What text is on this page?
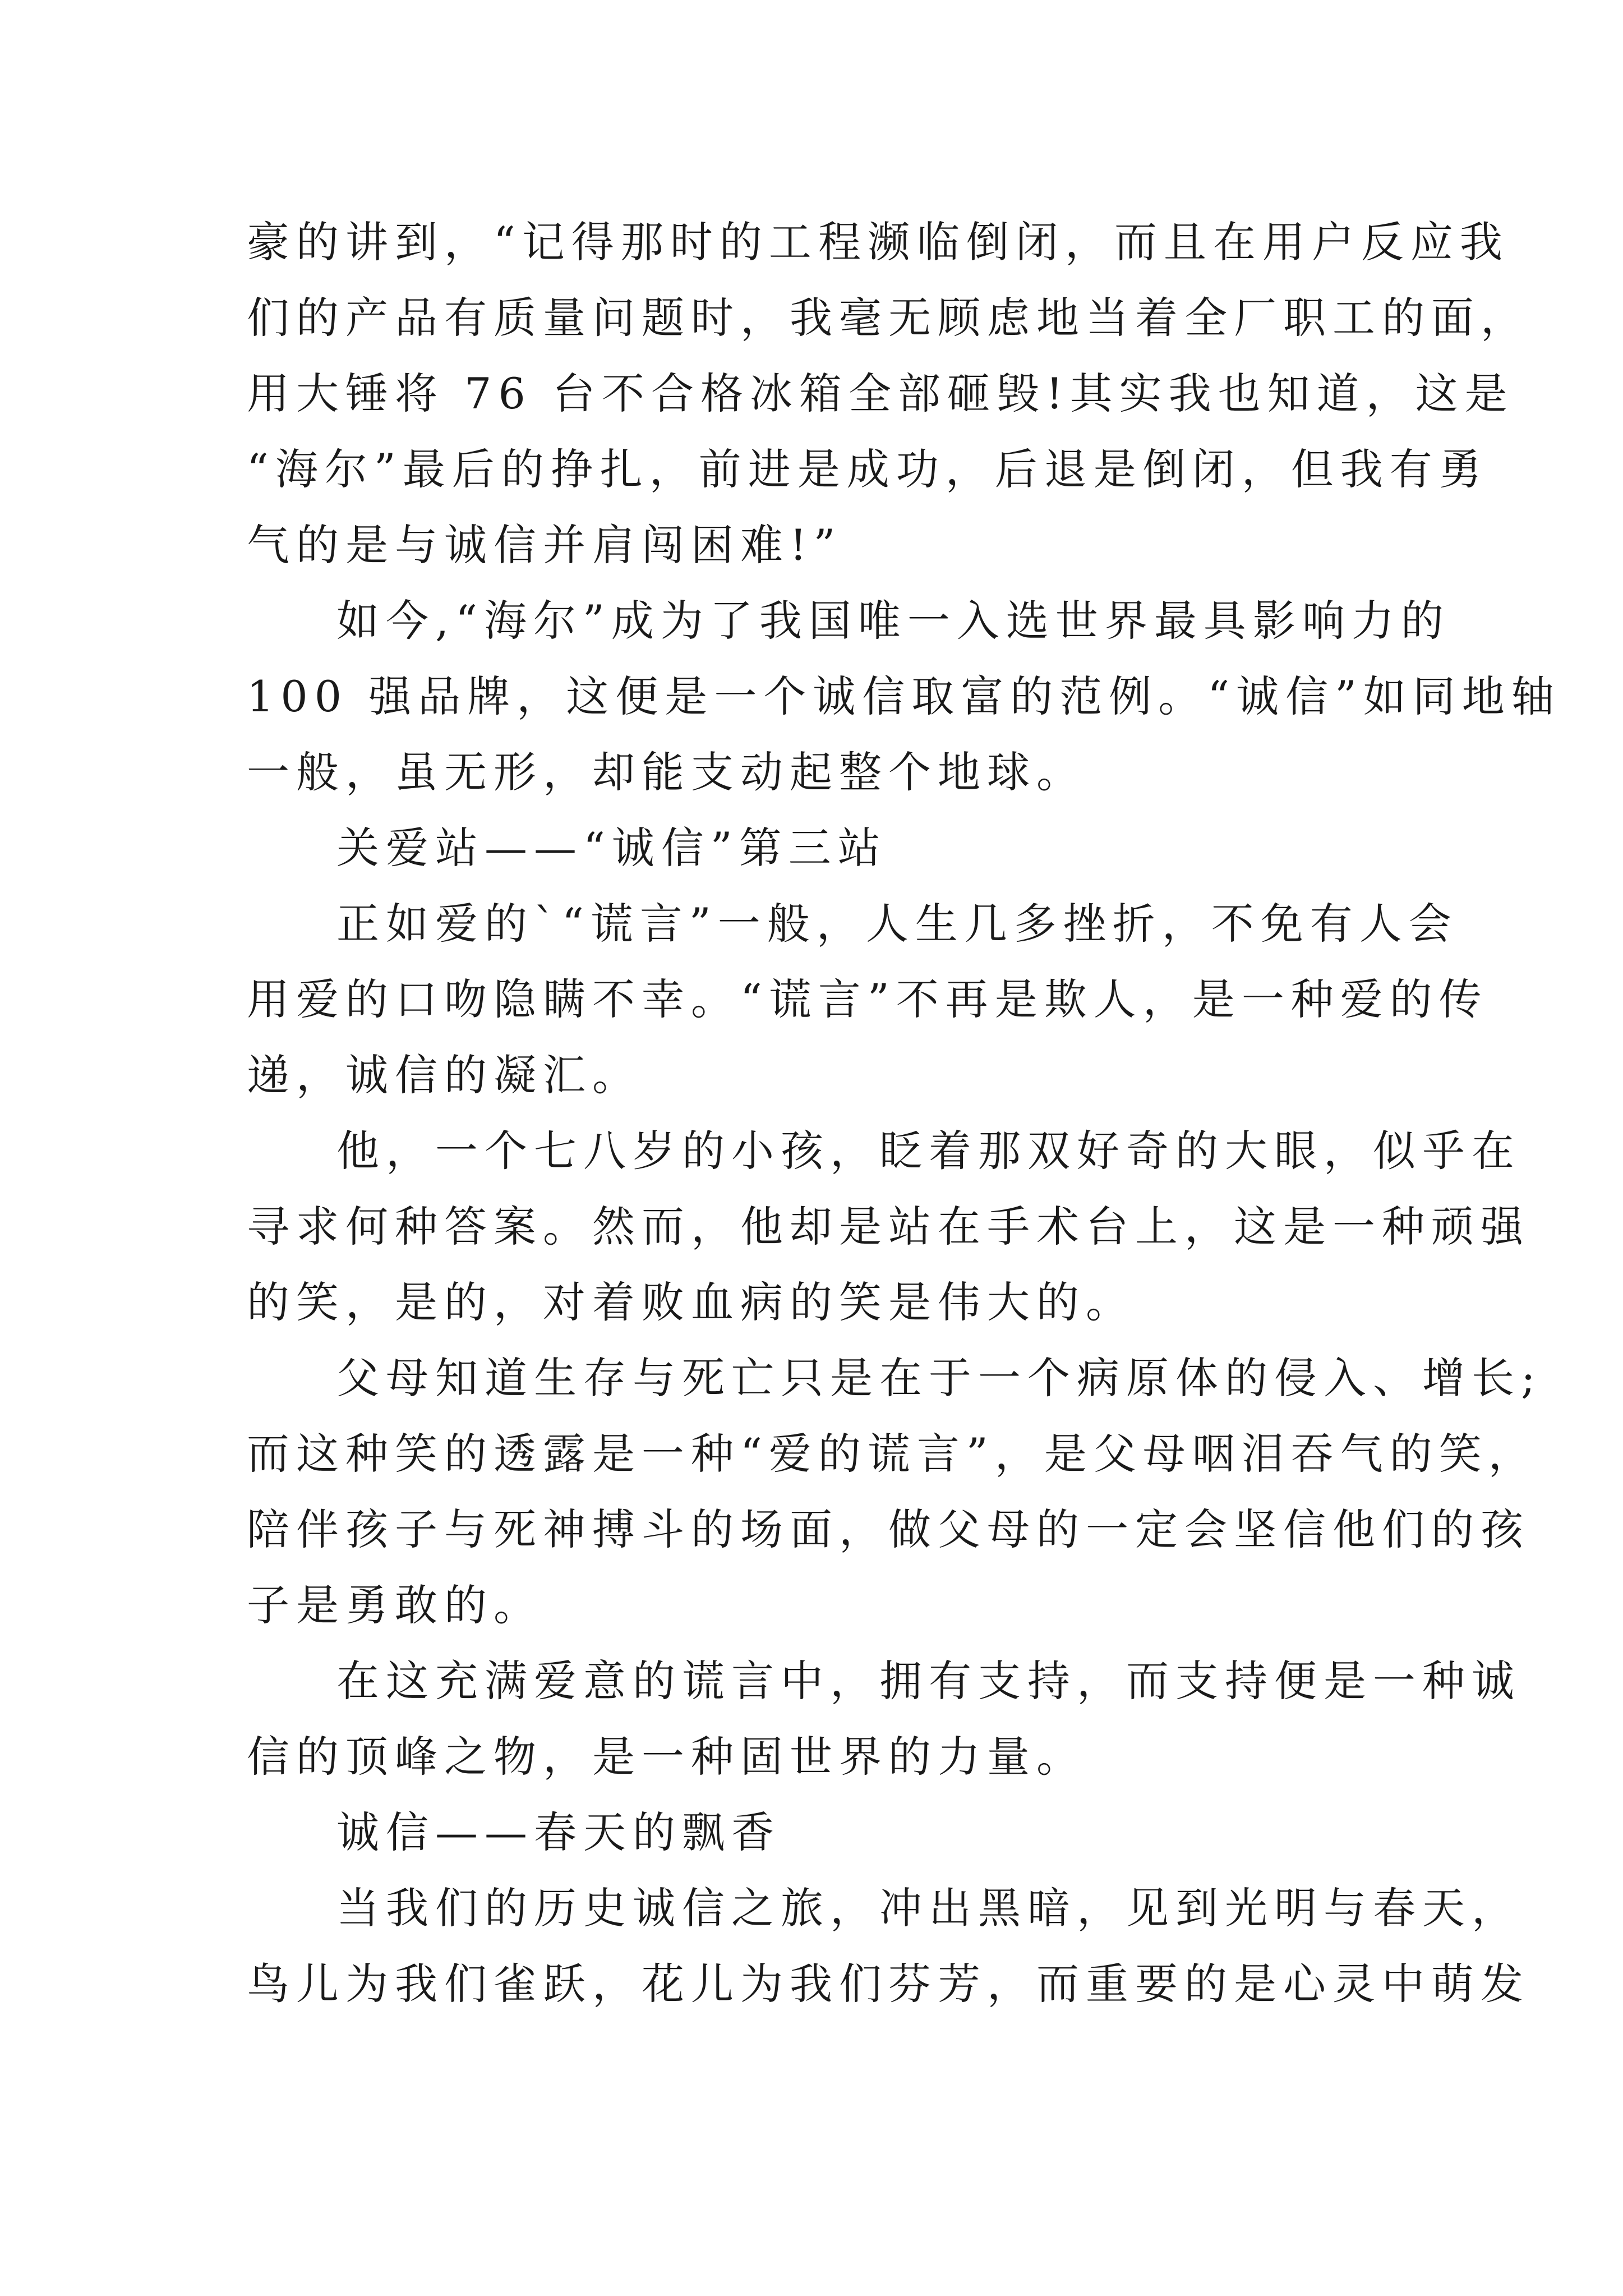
豪的讲到，“记得那时的工程濒临倒闭，而且在用户反应我
们的产品有质量问题时，我毫无顾虑地当着全厂职工的面，
用大锤将 76 台不合格冰箱全部砸毁!其实我也知道，这是
“海尔”最后的挣扎，前进是成功，后退是倒闭，但我有勇
气的是与诚信并肩闯困难!”
如今,“海尔”成为了我国唯一入选世界最具影响力的
100 强品牌，这便是一个诚信取富的范例。“诚信”如同地轴
一般，虽无形，却能支动起整个地球。
关爱站——“诚信”第三站
正如爱的`“谎言”一般，人生几多挫折，不免有人会
用爱的口吻隐瞒不幸。“谎言”不再是欺人，是一种爱的传
递，诚信的凝汇。
他，一个七八岁的小孩，眨着那双好奇的大眼，似乎在
寻求何种答案。然而，他却是站在手术台上，这是一种顽强
的笑，是的，对着败血病的笑是伟大的。
父母知道生存与死亡只是在于一个病原体的侵入、增长;
而这种笑的透露是一种“爱的谎言”，是父母咽泪吞气的笑，
陪伴孩子与死神搏斗的场面，做父母的一定会坚信他们的孩
子是勇敢的。
在这充满爱意的谎言中，拥有支持，而支持便是一种诚
信的顶峰之物，是一种固世界的力量。
诚信——春天的飘香
当我们的历史诚信之旅，冲出黑暗，见到光明与春天，
鸟儿为我们雀跃，花儿为我们芬芳，而重要的是心灵中萌发
